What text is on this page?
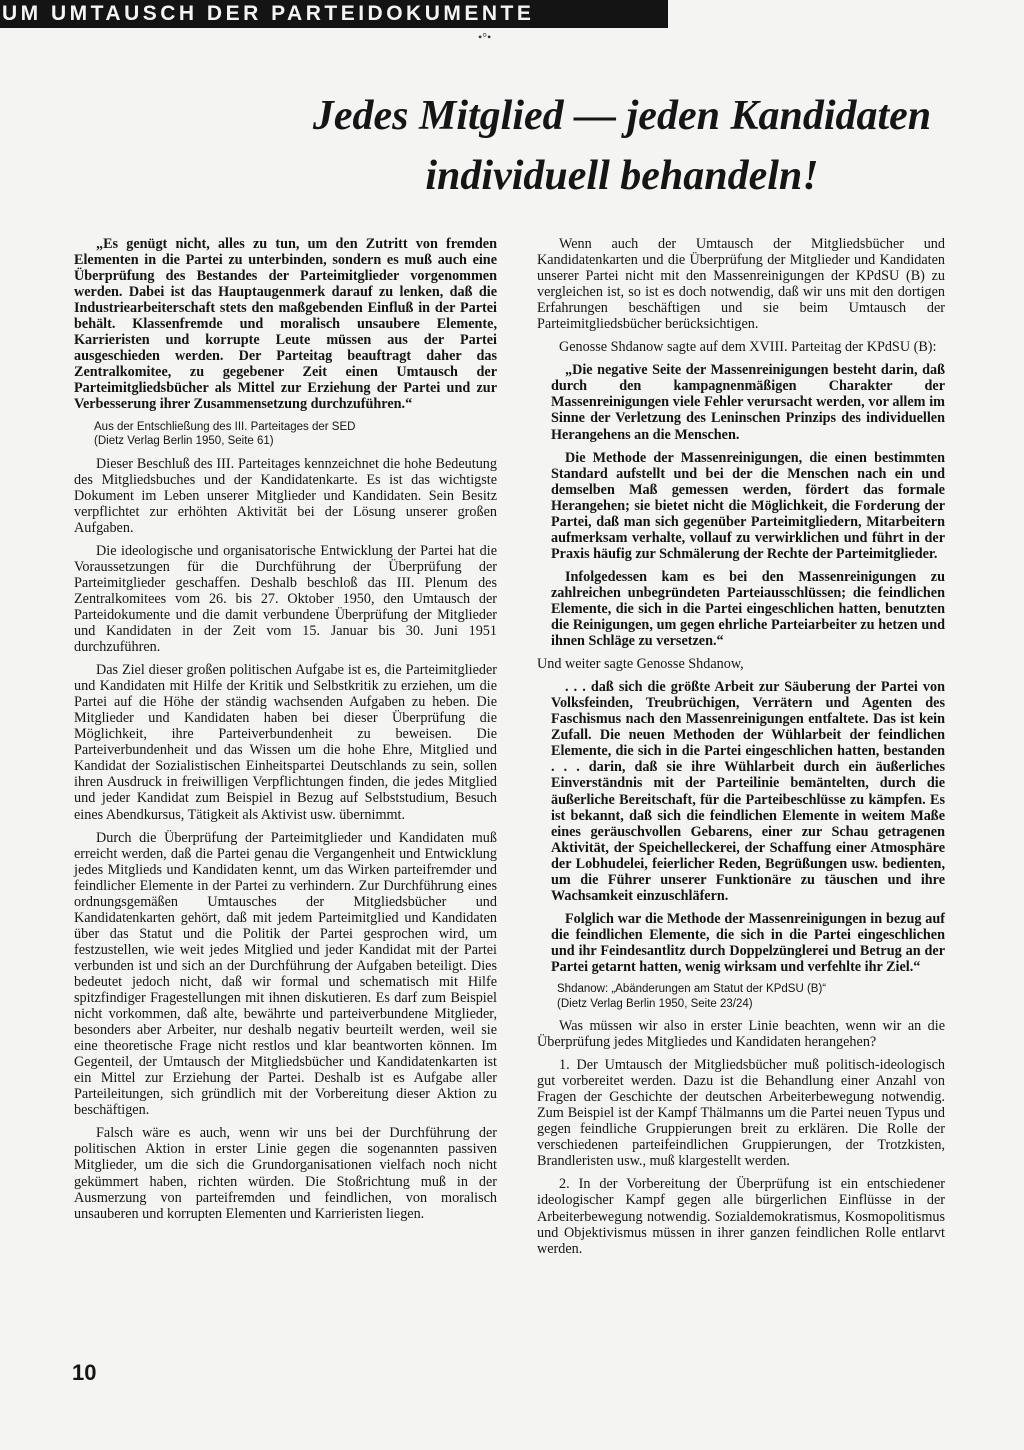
UM UMTAUSCH DER PARTEIDOKUMENTE
•°•
Jedes Mitglied — jeden Kandidaten
individuell behandeln!

„Es genügt nicht, alles zu tun, um den Zutritt von fremden Elementen in die Partei zu unterbinden, sondern es muß auch eine Überprüfung des Bestandes der Parteimitglieder vorgenommen werden. Dabei ist das Hauptaugenmerk darauf zu lenken, daß die Industriearbeiterschaft stets den maßgebenden Einfluß in der Partei behält. Klassenfremde und moralisch unsaubere Elemente, Karrieristen und korrupte Leute müssen aus der Partei ausgeschieden werden. Der Parteitag beauftragt daher das Zentralkomitee, zu gegebener Zeit einen Umtausch der Parteimitgliedsbücher als Mittel zur Erziehung der Partei und zur Verbesserung ihrer Zusammensetzung durchzuführen.“

Aus der Entschließung des III. Parteitages der SED
(Dietz Verlag Berlin 1950, Seite 61)

Dieser Beschluß des III. Parteitages kennzeichnet die hohe Bedeutung des Mitgliedsbuches und der Kandidatenkarte. Es ist das wichtigste Dokument im Leben unserer Mitglieder und Kandidaten. Sein Besitz verpflichtet zur erhöhten Aktivität bei der Lösung unserer großen Aufgaben.

Die ideologische und organisatorische Entwicklung der Partei hat die Voraussetzungen für die Durchführung der Überprüfung der Parteimitglieder geschaffen. Deshalb beschloß das III. Plenum des Zentralkomitees vom 26. bis 27. Oktober 1950, den Umtausch der Parteidokumente und die damit verbundene Überprüfung der Mitglieder und Kandidaten in der Zeit vom 15. Januar bis 30. Juni 1951 durchzuführen.

Das Ziel dieser großen politischen Aufgabe ist es, die Parteimitglieder und Kandidaten mit Hilfe der Kritik und Selbstkritik zu erziehen, um die Partei auf die Höhe der ständig wachsenden Aufgaben zu heben. Die Mitglieder und Kandidaten haben bei dieser Überprüfung die Möglichkeit, ihre Parteiverbundenheit zu beweisen. Die Parteiverbundenheit und das Wissen um die hohe Ehre, Mitglied und Kandidat der Sozialistischen Einheitspartei Deutschlands zu sein, sollen ihren Ausdruck in freiwilligen Verpflichtungen finden, die jedes Mitglied und jeder Kandidat zum Beispiel in Bezug auf Selbststudium, Besuch eines Abendkursus, Tätigkeit als Aktivist usw. übernimmt.

Durch die Überprüfung der Parteimitglieder und Kandidaten muß erreicht werden, daß die Partei genau die Vergangenheit und Entwicklung jedes Mitglieds und Kandidaten kennt, um das Wirken parteifremder und feindlicher Elemente in der Partei zu verhindern. Zur Durchführung eines ordnungsgemäßen Umtausches der Mitgliedsbücher und Kandidatenkarten gehört, daß mit jedem Parteimitglied und Kandidaten über das Statut und die Politik der Partei gesprochen wird, um festzustellen, wie weit jedes Mitglied und jeder Kandidat mit der Partei verbunden ist und sich an der Durchführung der Aufgaben beteiligt. Dies bedeutet jedoch nicht, daß wir formal und schematisch mit Hilfe spitzfindiger Fragestellungen mit ihnen diskutieren. Es darf zum Beispiel nicht vorkommen, daß alte, bewährte und parteiverbundene Mitglieder, besonders aber Arbeiter, nur deshalb negativ beurteilt werden, weil sie eine theoretische Frage nicht restlos und klar beantworten können. Im Gegenteil, der Umtausch der Mitgliedsbücher und Kandidatenkarten ist ein Mittel zur Erziehung der Partei. Deshalb ist es Aufgabe aller Parteileitungen, sich gründlich mit der Vorbereitung dieser Aktion zu beschäftigen.

Falsch wäre es auch, wenn wir uns bei der Durchführung der politischen Aktion in erster Linie gegen die sogenannten passiven Mitglieder, um die sich die Grundorganisationen vielfach noch nicht gekümmert haben, richten würden. Die Stoßrichtung muß in der Ausmerzung von parteifremden und feindlichen, von moralisch unsauberen und korrupten Elementen und Karrieristen liegen.

Wenn auch der Umtausch der Mitgliedsbücher und Kandidatenkarten und die Überprüfung der Mitglieder und Kandidaten unserer Partei nicht mit den Massenreinigungen der KPdSU (B) zu vergleichen ist, so ist es doch notwendig, daß wir uns mit den dortigen Erfahrungen beschäftigen und sie beim Umtausch der Parteimitgliedsbücher berücksichtigen.

Genosse Shdanow sagte auf dem XVIII. Parteitag der KPdSU (B):

„Die negative Seite der Massenreinigungen besteht darin, daß durch den kampagnenmäßigen Charakter der Massenreinigungen viele Fehler verursacht werden, vor allem im Sinne der Verletzung des Leninschen Prinzips des individuellen Herangehens an die Menschen.

Die Methode der Massenreinigungen, die einen bestimmten Standard aufstellt und bei der die Menschen nach ein und demselben Maß gemessen werden, fördert das formale Herangehen; sie bietet nicht die Möglichkeit, die Forderung der Partei, daß man sich gegenüber Parteimitgliedern, Mitarbeitern aufmerksam verhalte, vollauf zu verwirklichen und führt in der Praxis häufig zur Schmälerung der Rechte der Parteimitglieder.

Infolgedessen kam es bei den Massenreinigungen zu zahlreichen unbegründeten Parteiausschlüssen; die feindlichen Elemente, die sich in die Partei eingeschlichen hatten, benutzten die Reinigungen, um gegen ehrliche Parteiarbeiter zu hetzen und ihnen Schläge zu versetzen.“

Und weiter sagte Genosse Shdanow,

. . . daß sich die größte Arbeit zur Säuberung der Partei von Volksfeinden, Treubrüchigen, Verrätern und Agenten des Faschismus nach den Massenreinigungen entfaltete. Das ist kein Zufall. Die neuen Methoden der Wühlarbeit der feindlichen Elemente, die sich in die Partei eingeschlichen hatten, bestanden . . . darin, daß sie ihre Wühlarbeit durch ein äußerliches Einverständnis mit der Parteilinie bemäntelten, durch die äußerliche Bereitschaft, für die Parteibeschlüsse zu kämpfen. Es ist bekannt, daß sich die feindlichen Elemente in weitem Maße eines geräuschvollen Gebarens, einer zur Schau getragenen Aktivität, der Speichelleckerei, der Schaffung einer Atmosphäre der Lobhudelei, feierlicher Reden, Begrüßungen usw. bedienten, um die Führer unserer Funktionäre zu täuschen und ihre Wachsamkeit einzuschläfern.

Folglich war die Methode der Massenreinigungen in bezug auf die feindlichen Elemente, die sich in die Partei eingeschlichen und ihr Feindesantlitz durch Doppelzünglerei und Betrug an der Partei getarnt hatten, wenig wirksam und verfehlte ihr Ziel.“

Shdanow: „Abänderungen am Statut der KPdSU (B)“
(Dietz Verlag Berlin 1950, Seite 23/24)

Was müssen wir also in erster Linie beachten, wenn wir an die Überprüfung jedes Mitgliedes und Kandidaten herangehen?

1. Der Umtausch der Mitgliedsbücher muß politisch-ideologisch gut vorbereitet werden. Dazu ist die Behandlung einer Anzahl von Fragen der Geschichte der deutschen Arbeiterbewegung notwendig. Zum Beispiel ist der Kampf Thälmanns um die Partei neuen Typus und gegen feindliche Gruppierungen breit zu erklären. Die Rolle der verschiedenen parteifeindlichen Gruppierungen, der Trotzkisten, Brandleristen usw., muß klargestellt werden.

2. In der Vorbereitung der Überprüfung ist ein entschiedener ideologischer Kampf gegen alle bürgerlichen Einflüsse in der Arbeiterbewegung notwendig. Sozialdemokratismus, Kosmopolitismus und Objektivismus müssen in ihrer ganzen feindlichen Rolle entlarvt werden.

10
